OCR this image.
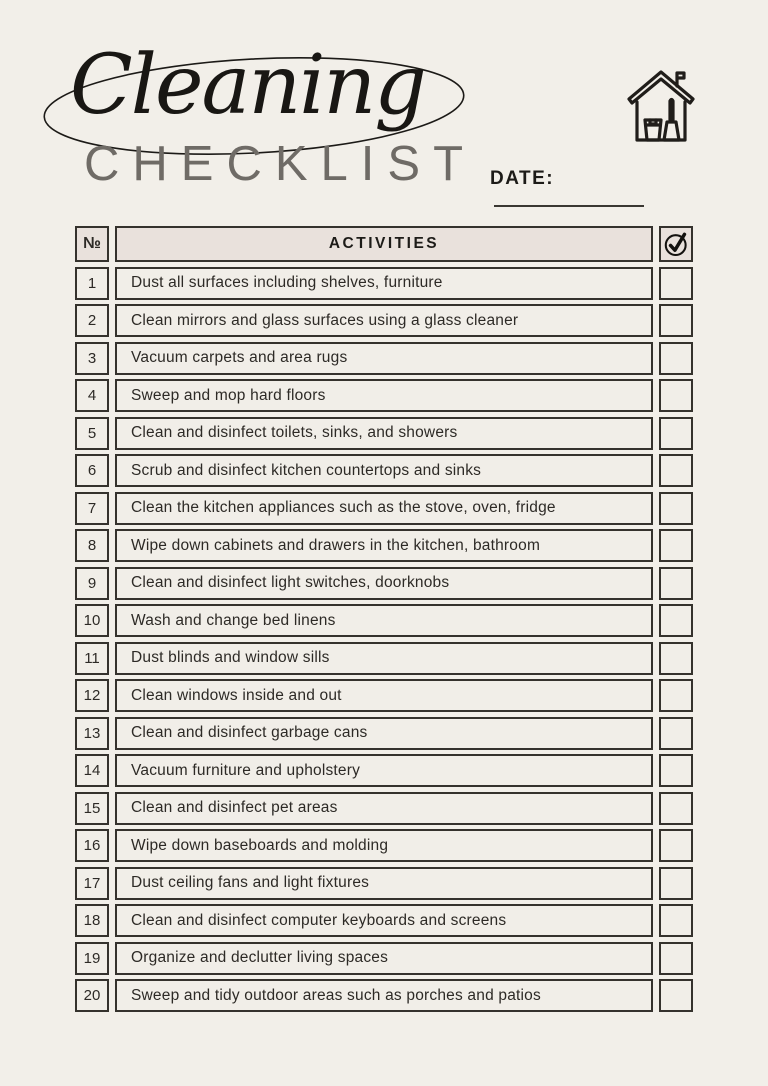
Cleaning
CHECKLIST DATE:
№	ACTIVITIES
1	Dust all surfaces including shelves, furniture
2	Clean mirrors and glass surfaces using a glass cleaner
3	Vacuum carpets and area rugs
4	Sweep and mop hard floors
5	Clean and disinfect toilets, sinks, and showers
6	Scrub and disinfect kitchen countertops and sinks
7	Clean the kitchen appliances such as the stove, oven, fridge
8	Wipe down cabinets and drawers in the kitchen, bathroom
9	Clean and disinfect light switches, doorknobs
10	Wash and change bed linens
11	Dust blinds and window sills
12	Clean windows inside and out
13	Clean and disinfect garbage cans
14	Vacuum furniture and upholstery
15	Clean and disinfect pet areas
16	Wipe down baseboards and molding
17	Dust ceiling fans and light fixtures
18	Clean and disinfect computer keyboards and screens
19	Organize and declutter living spaces
20	Sweep and tidy outdoor areas such as porches and patios
